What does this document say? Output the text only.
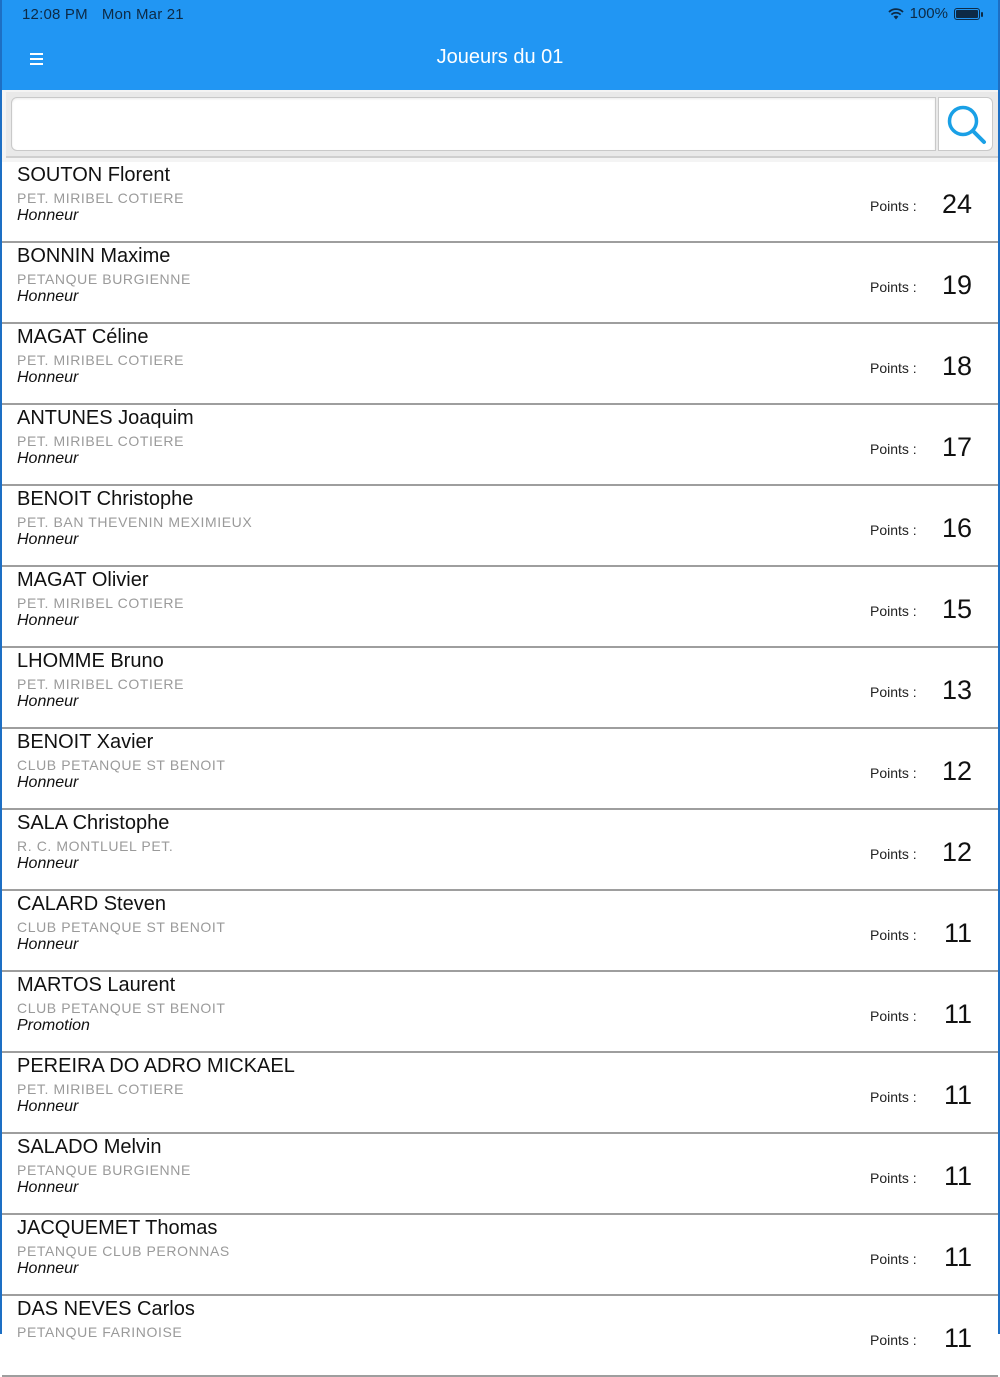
12:08 PM Mon Mar 21	100%
Joueurs du 01
SOUTON Florent
PET. MIRIBEL COTIERE
Honneur
Points : 24
BONNIN Maxime
PETANQUE BURGIENNE
Honneur
Points : 19
MAGAT Céline
PET. MIRIBEL COTIERE
Honneur
Points : 18
ANTUNES Joaquim
PET. MIRIBEL COTIERE
Honneur
Points : 17
BENOIT Christophe
PET. BAN THEVENIN MEXIMIEUX
Honneur
Points : 16
MAGAT Olivier
PET. MIRIBEL COTIERE
Honneur
Points : 15
LHOMME Bruno
PET. MIRIBEL COTIERE
Honneur
Points : 13
BENOIT Xavier
CLUB PETANQUE ST BENOIT
Honneur
Points : 12
SALA Christophe
R. C. MONTLUEL PET.
Honneur
Points : 12
CALARD Steven
CLUB PETANQUE ST BENOIT
Honneur
Points : 11
MARTOS Laurent
CLUB PETANQUE ST BENOIT
Promotion
Points : 11
PEREIRA DO ADRO MICKAEL
PET. MIRIBEL COTIERE
Honneur
Points : 11
SALADO Melvin
PETANQUE BURGIENNE
Honneur
Points : 11
JACQUEMET Thomas
PETANQUE CLUB PERONNAS
Honneur
Points : 11
DAS NEVES Carlos
PETANQUE FARINOISE	Points : 11
